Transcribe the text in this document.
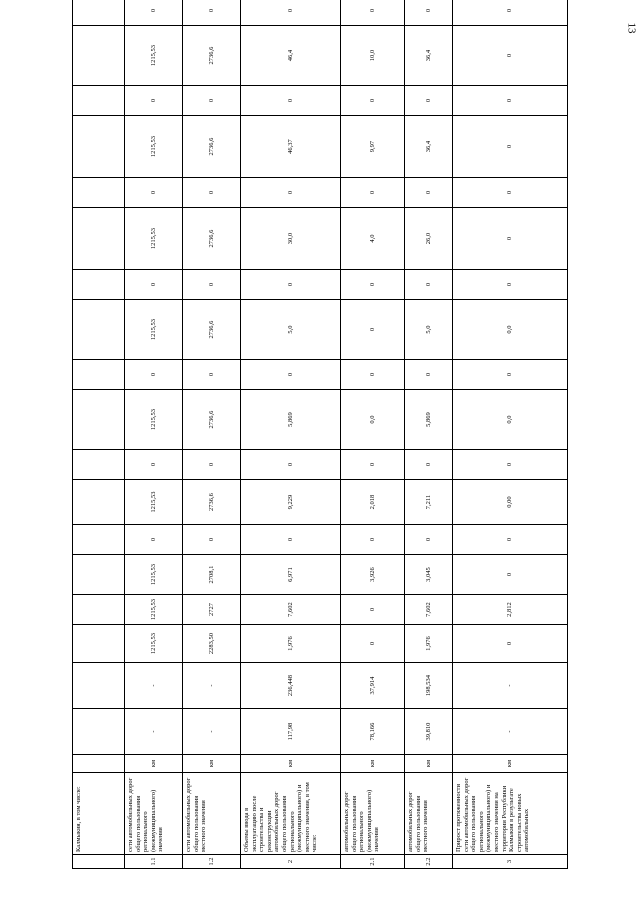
13
	Калмыкия, в том числе:																					
1.1	сети автомобильных дорог общего пользования регионального (межмуниципального) значения	км	-	-	1215,53	1215,53	1215,53	0	1215,53	0	1215,53	0	1215,53	0	1215,53	0	1215,53	0	1215,53	0		
1.2	сети автомобильных дорог общего пользования местного значения	км	-	-	2283,50	2727	2708,1	0	2736,6	0	2736,6	0	2736,6	0	2736,6	0	2736,6	0	2736,6	0		
2	Объемы ввода в эксплуатацию после строительства и реконструкции автомобильных дорог общего пользования регионального (межмуниципального) и местного значения, в том числе:	км	117,98	236,448	1,976	7,602	6,971	0	9,229	0	5,869	0	5,0	0	30,0	0	46,37	0	46,4	0		
2.1	автомобильных дорог общего пользования регионального (межмуниципального) значения	км	78,166	37,914	0	0	3,926	0	2,018	0	0,0	0	0	0	4,0	0	9,97	0	10,0	0		
2.2	автомобильных дорог общего пользования местного значения	км	39,810	198,534	1,976	7,602	3,045	0	7,211	0	5,869	0	5,0	0	26,0	0	36,4	0	36,4	0		
3	Прирост протяженности сети автомобильных дорог общего пользования регионального (межмуниципального) и местного значения на территории Республики Калмыкия в результате строительства новых автомобильных	км	-	-	0	2,812	0	0	0,00	0	0,0	0	0,0	0	0	0	0	0	0	0		
